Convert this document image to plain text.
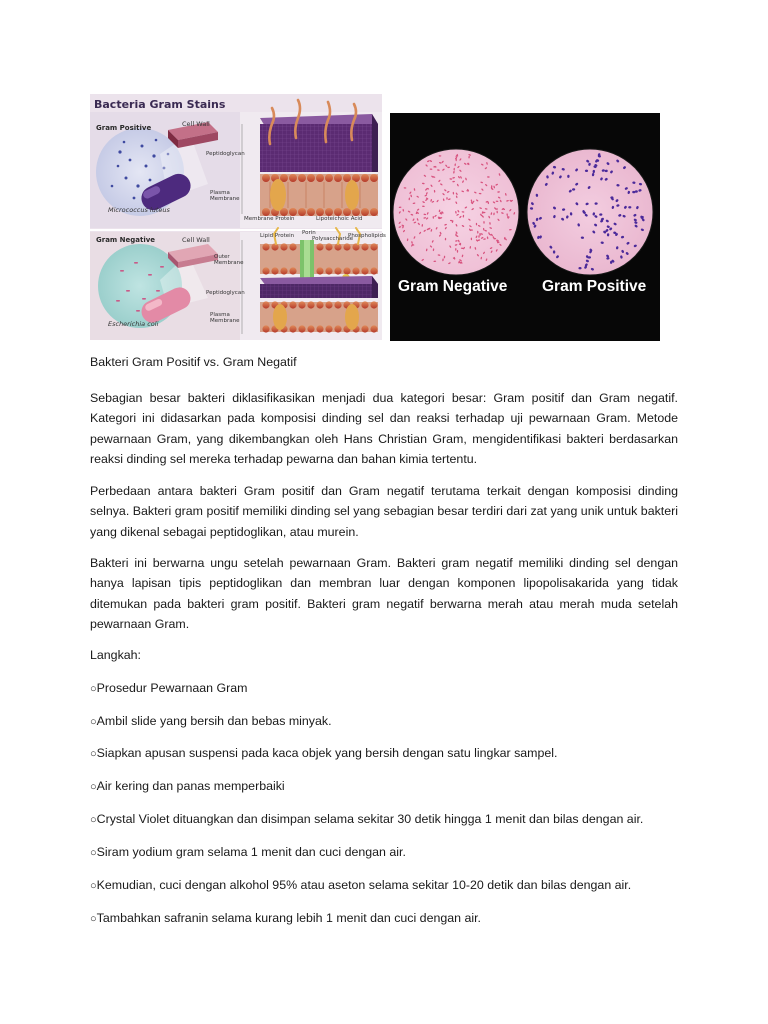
Bacteria Gram Stains
Gram Positive
Micrococcus luteus
Gram Negative
Escherichia coli
Cell Wall
Cell Wall
Peptidoglycan
Plasma Membrane
Membrane Protein	Lipoteichoic Acid
Lipid Protein Porin
Polysaccharide
Phospholipids
Outer Membrane
Peptidoglycan
Plasma Membrane
Gram Negative Gram Positive
Bakteri Gram Positif vs. Gram Negatif

Sebagian besar bakteri diklasifikasikan menjadi dua kategori besar: Gram positif dan Gram negatif. Kategori ini didasarkan pada komposisi dinding sel dan reaksi terhadap uji pewarnaan Gram. Metode pewarnaan Gram, yang dikembangkan oleh Hans Christian Gram, mengidentifikasi bakteri berdasarkan reaksi dinding sel mereka terhadap pewarna dan bahan kimia tertentu.

Perbedaan antara bakteri Gram positif dan Gram negatif terutama terkait dengan komposisi dinding selnya. Bakteri gram positif memiliki dinding sel yang sebagian besar terdiri dari zat yang unik untuk bakteri yang dikenal sebagai peptidoglikan, atau murein.

Bakteri ini berwarna ungu setelah pewarnaan Gram. Bakteri gram negatif memiliki dinding sel dengan hanya lapisan tipis peptidoglikan dan membran luar dengan komponen lipopolisakarida yang tidak ditemukan pada bakteri gram positif. Bakteri gram negatif berwarna merah atau merah muda setelah pewarnaan Gram.

Langkah:
○Prosedur Pewarnaan Gram
○Ambil slide yang bersih dan bebas minyak.
○Siapkan apusan suspensi pada kaca objek yang bersih dengan satu lingkar sampel.
○Air kering dan panas memperbaiki
○Crystal Violet dituangkan dan disimpan selama sekitar 30 detik hingga 1 menit dan bilas dengan air.
○Siram yodium gram selama 1 menit dan cuci dengan air.
○Kemudian, cuci dengan alkohol 95% atau aseton selama sekitar 10-20 detik dan bilas dengan air.
○Tambahkan safranin selama kurang lebih 1 menit dan cuci dengan air.
